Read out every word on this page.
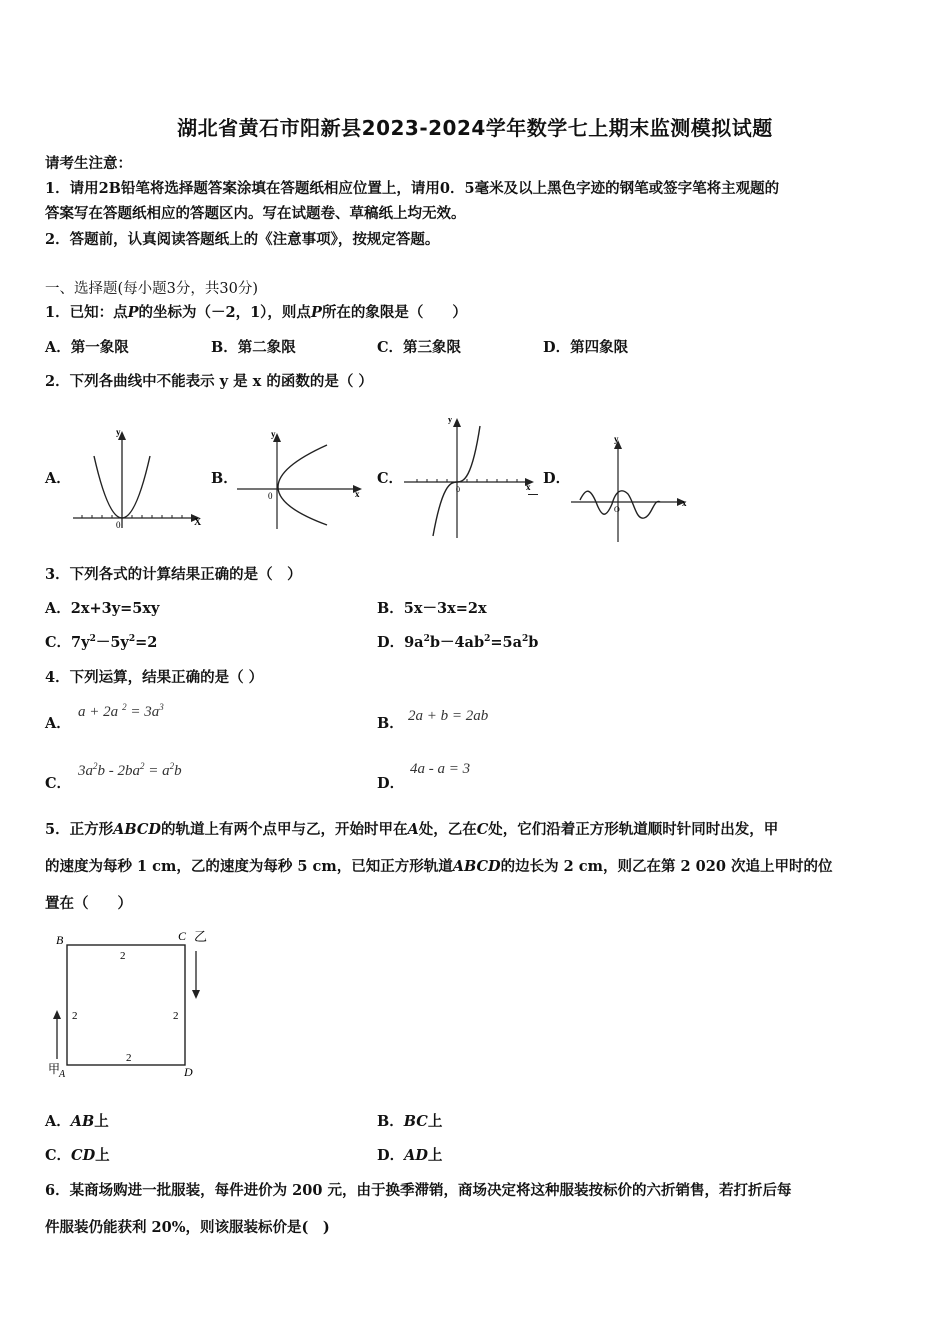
湖北省黄石市阳新县2023-2024学年数学七上期末监测模拟试题
请考生注意：
1．请用2B铅笔将选择题答案涂填在答题纸相应位置上，请用0．5毫米及以上黑色字迹的钢笔或签字笔将主观题的
答案写在答题纸相应的答题区内。写在试题卷、草稿纸上均无效。
2．答题前，认真阅读答题纸上的《注意事项》，按规定答题。
一、选择题(每小题3分，共30分)
1．已知：点P的坐标为（－2，1），则点P所在的象限是（　　）
A．第一象限	B．第二象限	C．第三象限	D．第四象限
2．下列各曲线中不能表示 y 是 x 的函数的是（ ）
A．	B．	C．	D．
y
0	X
y
0	x
y
0	x
y
O
x
3．下列各式的计算结果正确的是（　）
A．2x+3y=5xy	B．5x－3x=2x
C．$7y^2-5y^2=2$	D．$9a^2b-4ab^2=5a^2b$
4．下列运算，结果正确的是（ ）
A．
a + 2a $^2 = 3a^3$
B． 2a + b = 2ab
C．
$3a^2b - 2ba^2 = a^2b$
D．
4a - a = 3
5．正方形ABCD的轨道上有两个点甲与乙，开始时甲在A处，乙在C处，它们沿着正方形轨道顺时针同时出发，甲
的速度为每秒 1 cm，乙的速度为每秒 5 cm，已知正方形轨道ABCD的边长为 2 cm，则乙在第 2 020 次追上甲时的位
置在（　　）
B	C 乙
2
2	2
2
甲
A	D
A．AB上	B．BC上
C．CD上	D．AD上
6．某商场购进一批服装，每件进价为 200 元，由于换季滞销，商场决定将这种服装按标价的六折销售，若打折后每
件服装仍能获利 20%，则该服装标价是(　)
